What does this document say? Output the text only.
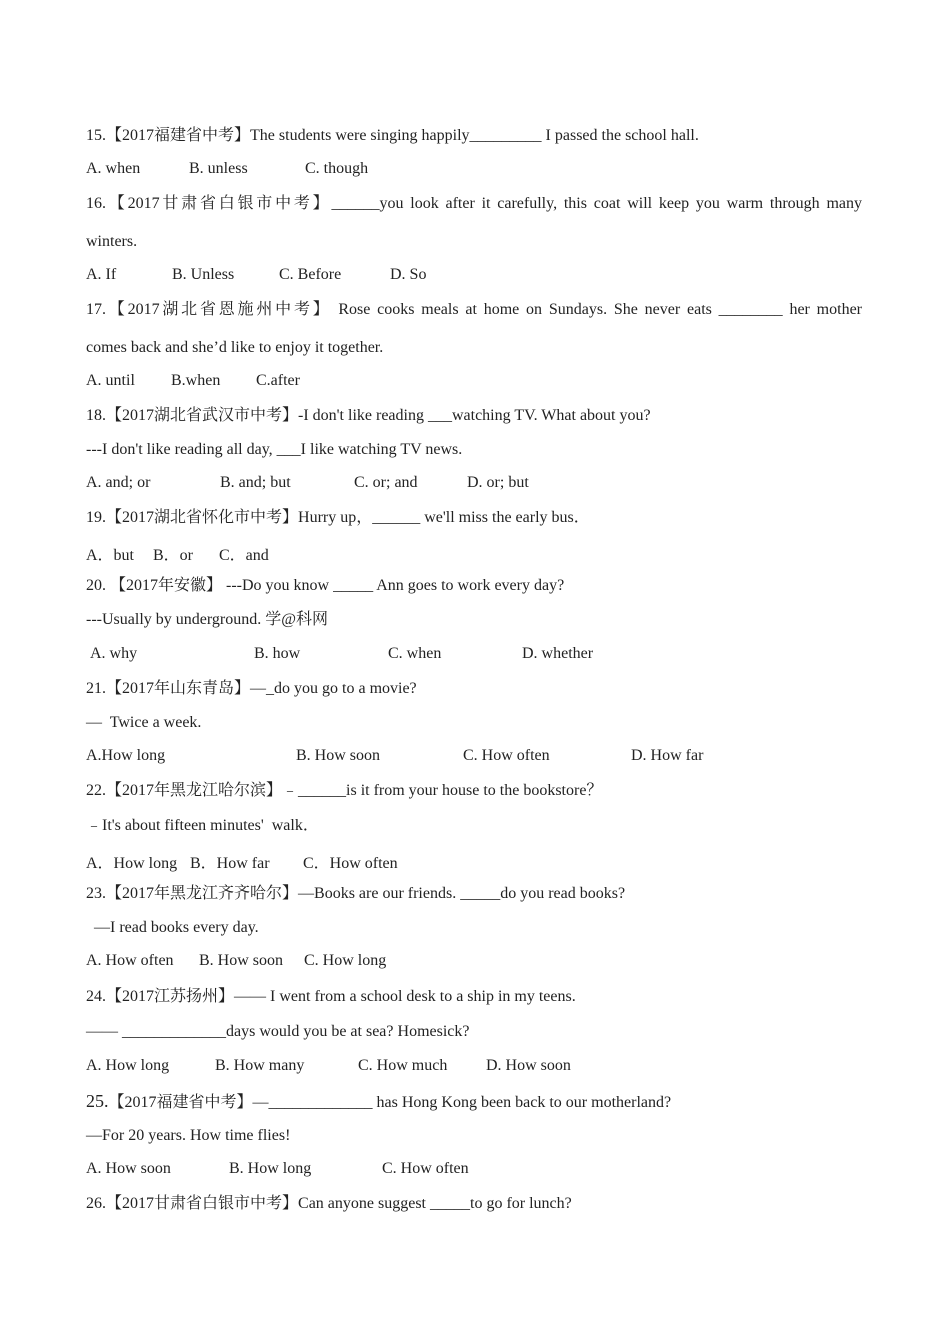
15.【2017福建省中考】The students were singing happily_________ I passed the school hall.
A. when	B. unless	C. though
16.【2017甘肃省白银市中考】______you look after it carefully, this coat will keep you warm through many
winters.
A. If	B. Unless	C. Before	D. So
17.【2017湖北省恩施州中考】 Rose cooks meals at home on Sundays. She never eats ________ her mother
comes back and she’d like to enjoy it together.
A. until B.when C.after
18.【2017湖北省武汉市中考】-I don't like reading ___watching TV. What about you?
---I don't like reading all day, ___I like watching TV news.
A. and; or	B. and; but	C. or; and	D. or; but
19.【2017湖北省怀化市中考】Hurry up，______ we'll miss the early bus．
A．but B．or C．and
20. 【2017年安徽】 ---Do you know _____ Ann goes to work every day?
---Usually by underground. 学@科网
A. why	B. how	C. when	D. whether
21.【2017年山东青岛】—_do you go to a movie?
—  Twice a week.
A.How long	B. How soon	C. How often	D. How far
22.【2017年黑龙江哈尔滨】﹣______is it from your house to the bookstore？
﹣It's about fifteen minutes'  walk．
A．How long B．How far C．How often
23.【2017年黑龙江齐齐哈尔】—Books are our friends. _____do you read books?
—I read books every day.
A. How often B. How soon C. How long
24.【2017江苏扬州】—— I went from a school desk to a ship in my teens.
—— _____________days would you be at sea? Homesick?
A. How long	B. How many	C. How much D. How soon
25.【2017福建省中考】—_____________ has Hong Kong been back to our motherland?
—For 20 years. How time flies!
A. How soon	B. How long	C. How often
26.【2017甘肃省白银市中考】Can anyone suggest _____to go for lunch?
